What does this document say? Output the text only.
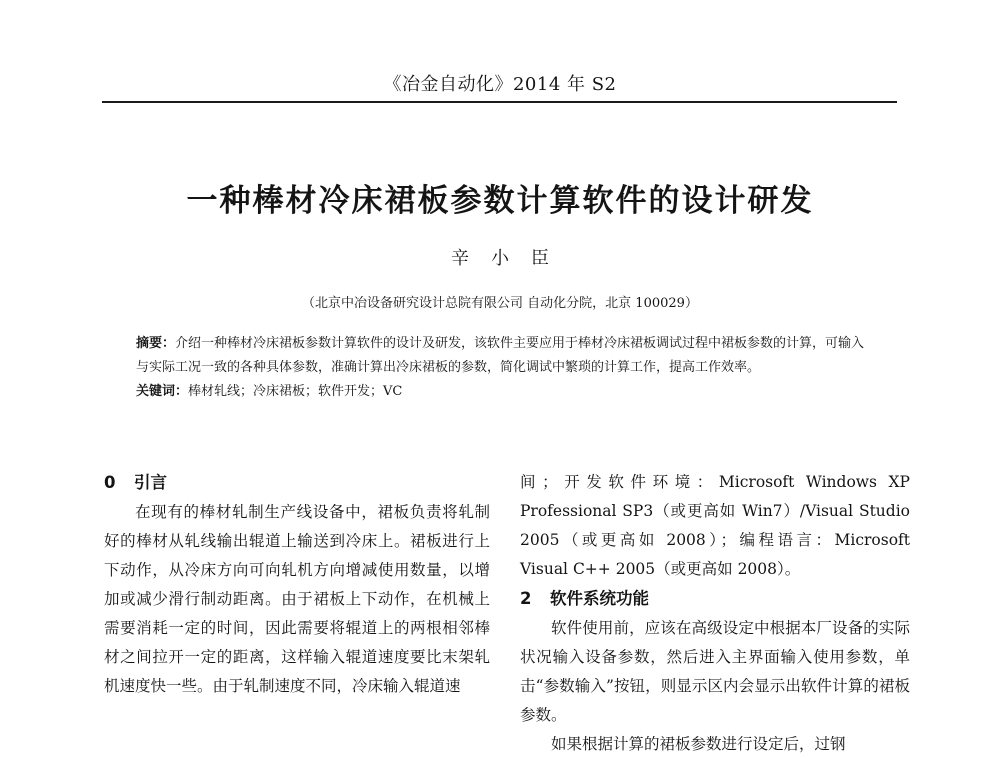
《冶金自动化》2014 年 S2
一种棒材冷床裙板参数计算软件的设计研发
辛小臣
（北京中冶设备研究设计总院有限公司 自动化分院，北京 100029）

摘要：介绍一种棒材冷床裙板参数计算软件的设计及研发，该软件主要应用于棒材冷床裙板调试过程中裙板参数的计算，可输入与实际工况一致的各种具体参数，准确计算出冷床裙板的参数，简化调试中繁琐的计算工作，提高工作效率。

关键词：棒材轧线；冷床裙板；软件开发；VC

0 引言

在现有的棒材轧制生产线设备中，裙板负责将轧制好的棒材从轧线输出辊道上输送到冷床上。裙板进行上下动作，从冷床方向可向轧机方向增减使用数量，以增加或减少滑行制动距离。由于裙板上下动作，在机械上需要消耗一定的时间，因此需要将辊道上的两根相邻棒材之间拉开一定的距离，这样输入辊道速度要比末架轧机速度快一些。由于轧制速度不同，冷床输入辊道速

间；开发软件环境：Microsoft Windows XP Professional SP3（或更高如 Win7）/Visual Studio 2005（或更高如 2008）；编程语言：Microsoft Visual C++ 2005（或更高如 2008）。

2 软件系统功能

软件使用前，应该在高级设定中根据本厂设备的实际状况输入设备参数，然后进入主界面输入使用参数，单击“参数输入”按钮，则显示区内会显示出软件计算的裙板参数。

如果根据计算的裙板参数进行设定后，过钢
